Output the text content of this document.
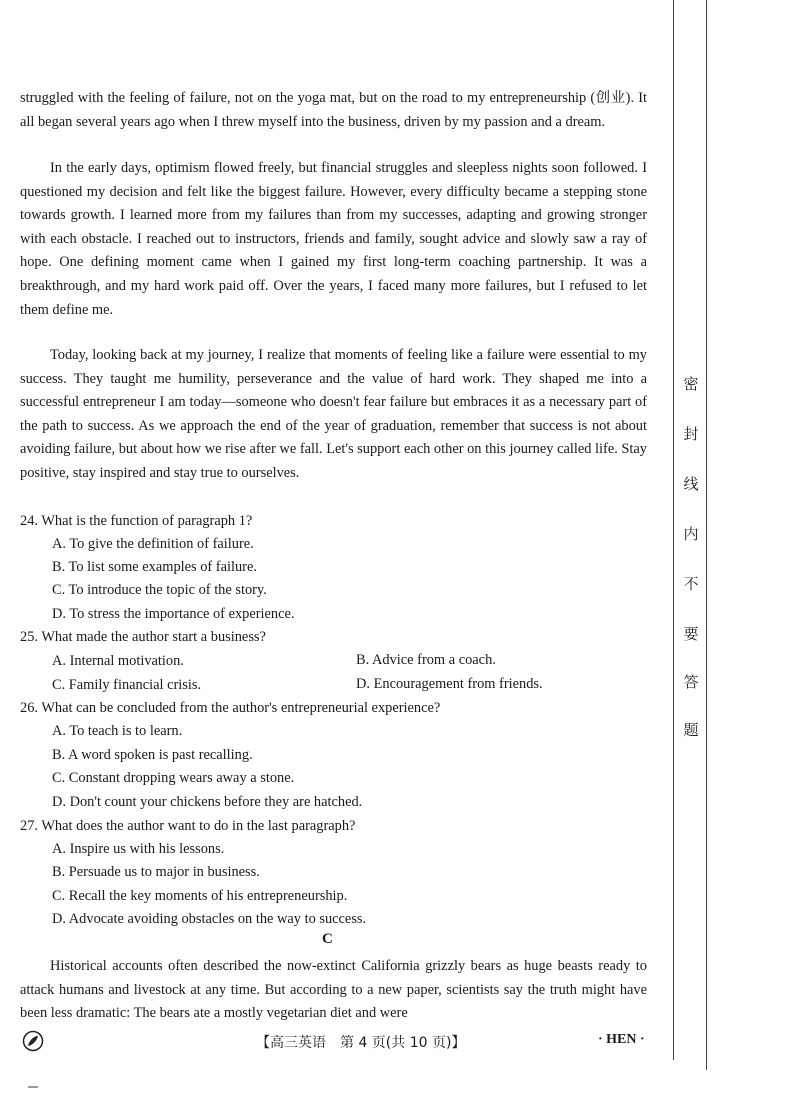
struggled with the feeling of failure, not on the yoga mat, but on the road to my entrepreneurship (创业). It all began several years ago when I threw myself into the business, driven by my passion and a dream.

In the early days, optimism flowed freely, but financial struggles and sleepless nights soon followed. I questioned my decision and felt like the biggest failure. However, every difficulty became a stepping stone towards growth. I learned more from my failures than from my successes, adapting and growing stronger with each obstacle. I reached out to instructors, friends and family, sought advice and slowly saw a ray of hope. One defining moment came when I gained my first long-term coaching partnership. It was a breakthrough, and my hard work paid off. Over the years, I faced many more failures, but I refused to let them define me.

Today, looking back at my journey, I realize that moments of feeling like a failure were essential to my success. They taught me humility, perseverance and the value of hard work. They shaped me into a successful entrepreneur I am today—someone who doesn't fear failure but embraces it as a necessary part of the path to success. As we approach the end of the year of graduation, remember that success is not about avoiding failure, but about how we rise after we fall. Let's support each other on this journey called life. Stay positive, stay inspired and stay true to ourselves.

24. What is the function of paragraph 1?
A. To give the definition of failure.
B. To list some examples of failure.
C. To introduce the topic of the story.
D. To stress the importance of experience.
25. What made the author start a business?
A. Internal motivation.	B. Advice from a coach.
C. Family financial crisis.	D. Encouragement from friends.
26. What can be concluded from the author's entrepreneurial experience?
A. To teach is to learn.
B. A word spoken is past recalling.
C. Constant dropping wears away a stone.
D. Don't count your chickens before they are hatched.
27. What does the author want to do in the last paragraph?
A. Inspire us with his lessons.
B. Persuade us to major in business.
C. Recall the key moments of his entrepreneurship.
D. Advocate avoiding obstacles on the way to success.
C

Historical accounts often described the now-extinct California grizzly bears as huge beasts ready to attack humans and livestock at any time. But according to a new paper, scientists say the truth might have been less dramatic: The bears ate a mostly vegetarian diet and were

【高三英语　第 4 页(共 10 页)】	· HEN ·
密
封
线
内
不
要
答
题
